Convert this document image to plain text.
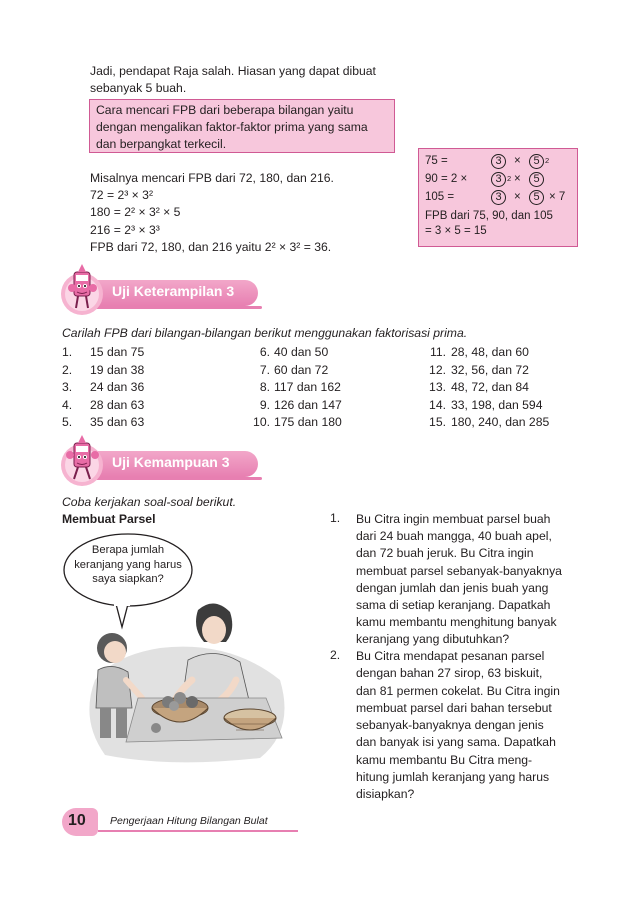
Jadi, pendapat Raja salah. Hiasan yang dapat dibuat
sebanyak 5 buah.
Cara mencari FPB dari beberapa bilangan yaitu
dengan mengalikan faktor-faktor prima yang sama
dan berpangkat terkecil.
Misalnya mencari FPB dari 72, 180, dan 216.
72 = 2³ × 3²
180 = 2² × 3² × 5
216 = 2³ × 3³
FPB dari 72, 180, dan 216 yaitu 2² × 3² = 36.
75 =	3	×	5 2
90 = 2 ×	3 2 ×	5
105 =	3	×	5 × 7
FPB dari 75, 90, dan 105
= 3 × 5 = 15
Uji Keterampilan 3
Carilah FPB dari bilangan-bilangan berikut menggunakan faktorisasi prima.
1.	15 dan 75
2.	19 dan 38
3.	24 dan 36
4.	28 dan 63
5.	35 dan 63
6. 40 dan 50
7. 60 dan 72
8. 117 dan 162
9. 126 dan 147
10. 175 dan 180
11. 28, 48, dan 60
12. 32, 56, dan 72
13. 48, 72, dan 84
14. 33, 198, dan 594
15. 180, 240, dan 285
Uji Kemampuan 3
Coba kerjakan soal-soal berikut.
Membuat Parsel
Berapa jumlah
keranjang yang harus
saya siapkan?
1. Bu Citra ingin membuat parsel buah
dari 24 buah mangga, 40 buah apel,
dan 72 buah jeruk. Bu Citra ingin
membuat parsel sebanyak-banyaknya
dengan jumlah dan jenis buah yang
sama di setiap keranjang. Dapatkah
kamu membantu menghitung banyak
keranjang yang dibutuhkan?
2. Bu Citra mendapat pesanan parsel
dengan bahan 27 sirop, 63 biskuit,
dan 81 permen cokelat. Bu Citra ingin
membuat parsel dari bahan tersebut
sebanyak-banyaknya dengan jenis
dan banyak isi yang sama. Dapatkah
kamu membantu Bu Citra meng-
hitung jumlah keranjang yang harus
disiapkan?
10 Pengerjaan Hitung Bilangan Bulat
